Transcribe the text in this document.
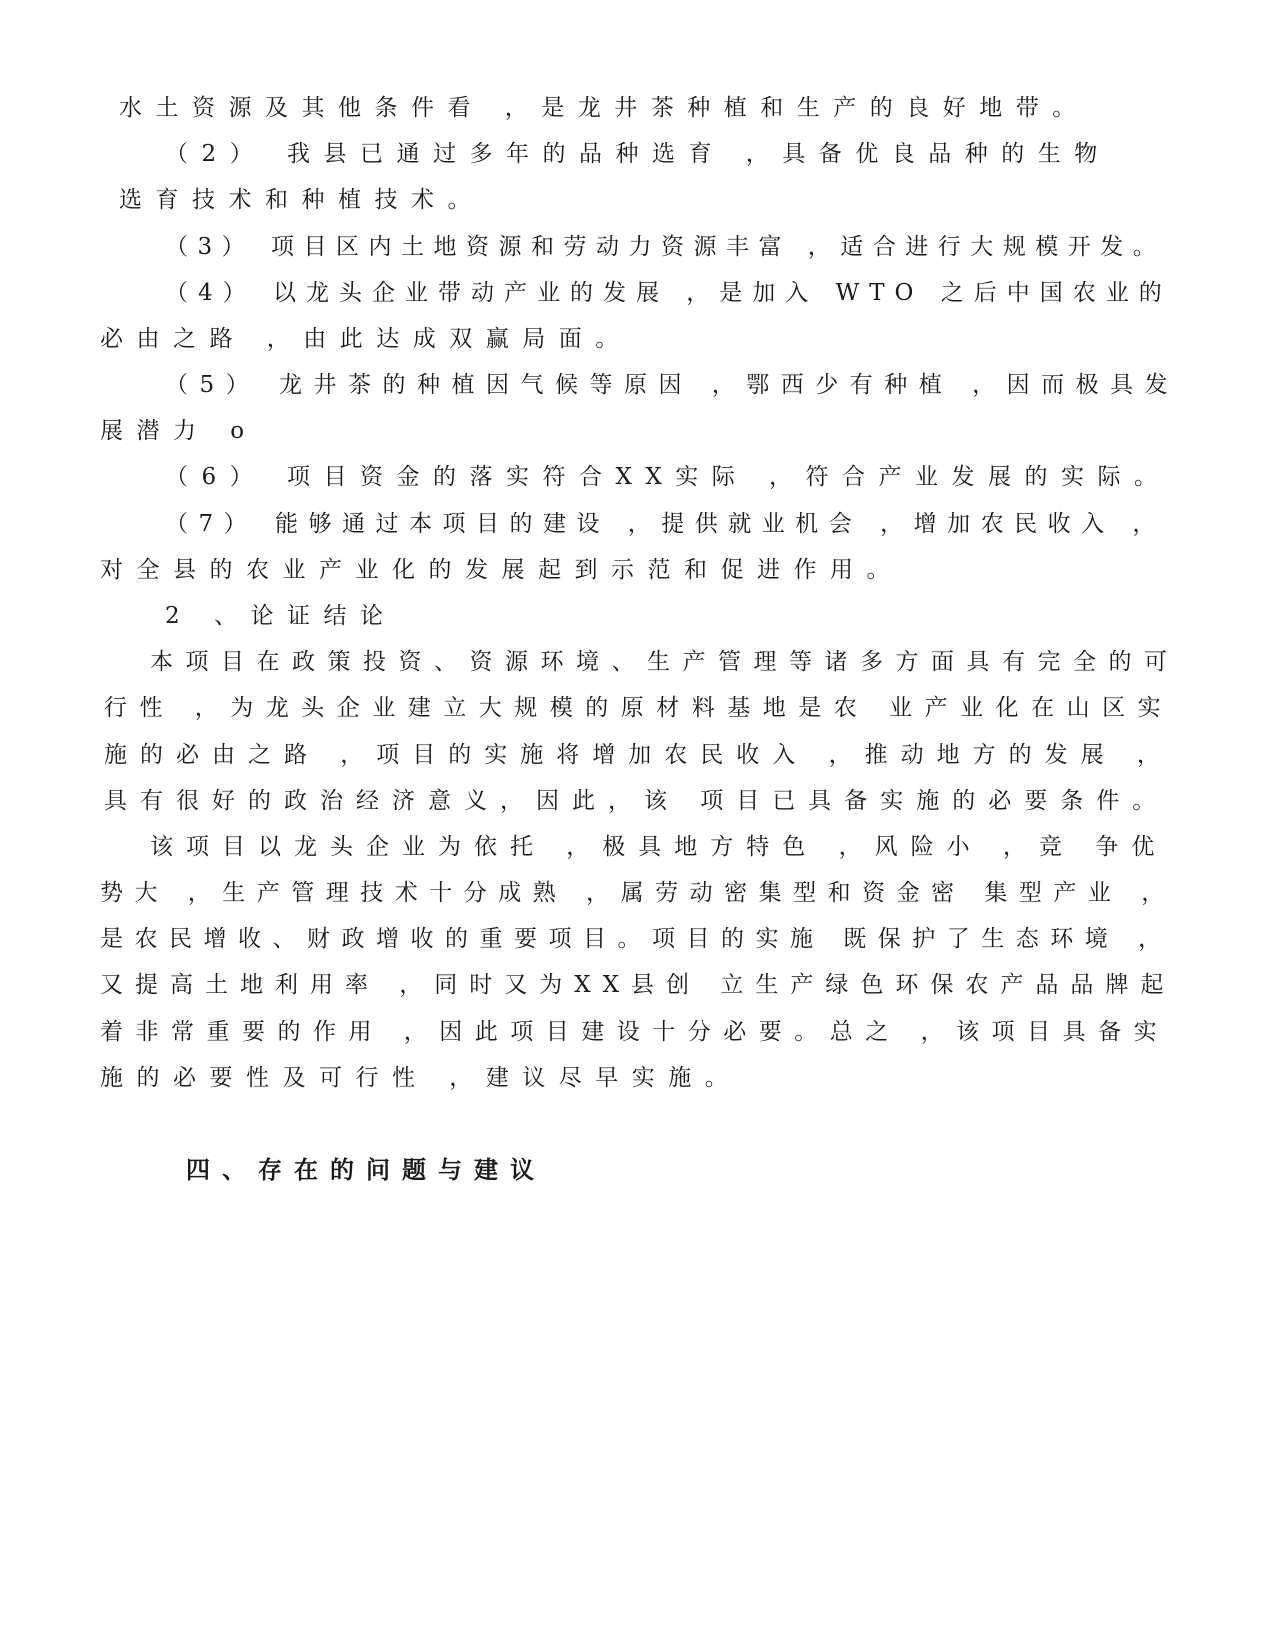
水土资源及其他条件看 ，是龙井茶种植和生产的良好地带。
（2） 我县已通过多年的品种选育 ，具备优良品种的生物
选育技术和种植技术。
（3） 项目区内土地资源和劳动力资源丰富 ，适合进行大规模开发。
（4） 以龙头企业带动产业的发展 ，是加入 WTO 之后中国农业的
必由之路 ，由此达成双赢局面。
（5） 龙井茶的种植因气候等原因 ，鄂西少有种植 ，因而极具发
展潜力 o
（6） 项目资金的落实符合XX实际 ，符合产业发展的实际。
（7） 能够通过本项目的建设 ，提供就业机会 ，增加农民收入 ，
对全县的农业产业化的发展起到示范和促进作用。
2 、论证结论
本项目在政策投资、资源环境、生产管理等诸多方面具有完全的可
行性 ，为龙头企业建立大规模的原材料基地是农 业产业化在山区实
施的必由之路 ，项目的实施将增加农民收入 ，推动地方的发展 ，
具有很好的政治经济意义，因此，该 项目已具备实施的必要条件。
该项目以龙头企业为依托 ，极具地方特色 ，风险小 ，竞 争优
势大 ，生产管理技术十分成熟 ，属劳动密集型和资金密 集型产业 ，
是农民增收、财政增收的重要项目。项目的实施 既保护了生态环境 ，
又提高土地利用率 ，同时又为XX县创 立生产绿色环保农产品品牌起
着非常重要的作用 ，因此项目建设十分必要。总之 ，该项目具备实
施的必要性及可行性 ，建议尽早实施。
四、存在的问题与建议
